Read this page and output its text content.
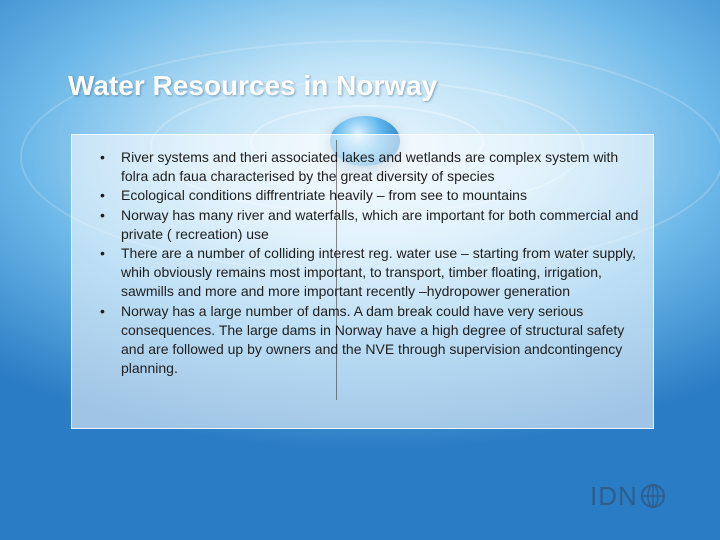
Water Resources in Norway
•	River systems and theri associated lakes and wetlands are complex system with folra adn faua characterised by the great diversity of species
•	Ecological conditions diffrentriate heavily – from see to mountains
•	Norway has many river and waterfalls, which are important for both commercial and private ( recreation) use
•	There are a number of colliding interest reg. water use – starting from water supply, whih obviously remains most important, to transport, timber floating, irrigation, sawmills and more and more important recently –hydropower generation
•	Norway has a large number of dams. A dam break could have very serious consequences. The large dams in Norway have a high degree of structural safety and are followed up by owners and the NVE through supervision andcontingency planning.
IDN
